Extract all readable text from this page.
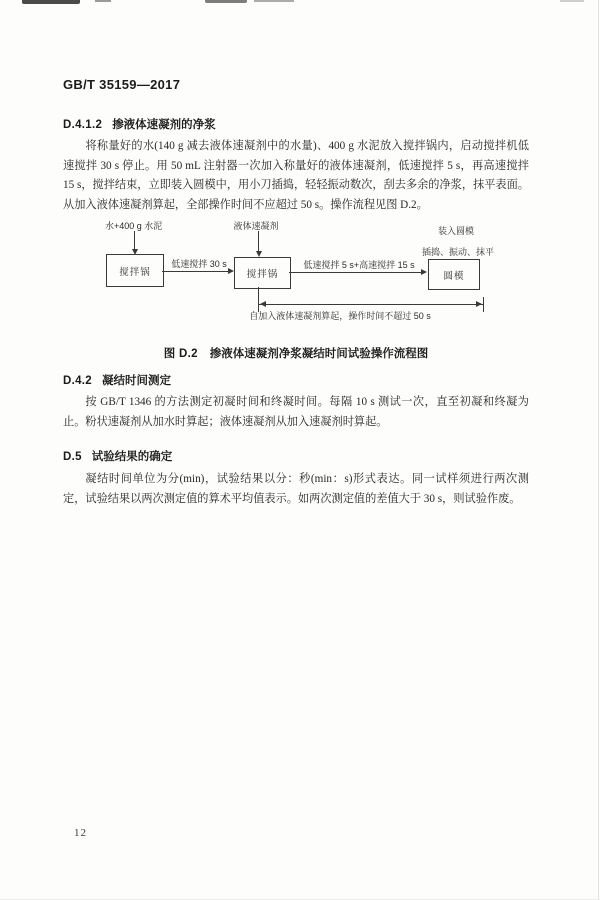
GB/T 35159—2017
D.4.1.2 掺液体速凝剂的净浆
将称量好的水(140 g 减去液体速凝剂中的水量)、400 g 水泥放入搅拌锅内，启动搅拌机低速搅拌 30 s 停止。用 50 mL 注射器一次加入称量好的液体速凝剂，低速搅拌 5 s，再高速搅拌 15 s，搅拌结束，立即装入圆模中，用小刀插捣，轻轻振动数次，刮去多余的净浆，抹平表面。从加入液体速凝剂算起，全部操作时间不应超过 50 s。操作流程见图 D.2。
水+400 g 水泥
搅拌锅
低速搅拌 30 s
液体速凝剂
搅拌锅
低速搅拌 5 s+高速搅拌 15 s
装入圆模
插捣、振动、抹平
圆模
自加入液体速凝剂算起，操作时间不超过 50 s
图 D.2 掺液体速凝剂净浆凝结时间试验操作流程图
D.4.2 凝结时间测定
按 GB/T 1346 的方法测定初凝时间和终凝时间。每隔 10 s 测试一次，直至初凝和终凝为止。粉状速凝剂从加水时算起；液体速凝剂从加入速凝剂时算起。
D.5 试验结果的确定
凝结时间单位为分(min)，试验结果以分：秒(min：s)形式表达。同一试样须进行两次测定，试验结果以两次测定值的算术平均值表示。如两次测定值的差值大于 30 s，则试验作废。
12
